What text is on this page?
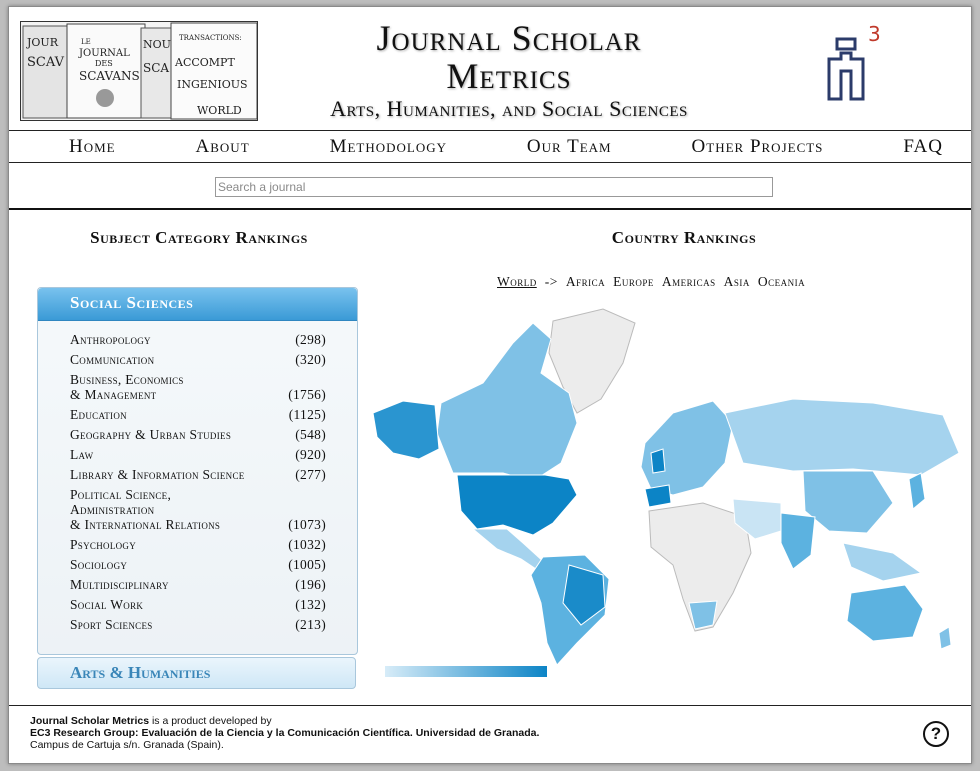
JOUR
SCAV
LE
JOURNAL
DES
SCAVANS
NOU
SCA
TRANSACTIONS:
ACCOMPT
INGENIOUS
WORLD
Journal Scholar
Metrics
Arts, Humanities, and Social Sciences
3
Home	About	Methodology	Our Team	Other Projects	FAQ
Search a journal
Subject Category Rankings
Social Sciences
Anthropology	(298)
Communication	(320)
Business, Economics
& Management	(1756)
Education	(1125)
Geography & Urban Studies	(548)
Law	(920)
Library & Information Science	(277)
Political Science,
Administration
& International Relations	(1073)
Psychology	(1032)
Sociology	(1005)
Multidisciplinary	(196)
Social Work	(132)
Sport Sciences	(213)
Arts & Humanities
Country Rankings
World -> Africa Europe Americas Asia Oceania
Journal Scholar Metrics is a product developed by
EC3 Research Group: Evaluación de la Ciencia y la Comunicación Científica. Universidad de Granada.
Campus de Cartuja s/n. Granada (Spain).
?
